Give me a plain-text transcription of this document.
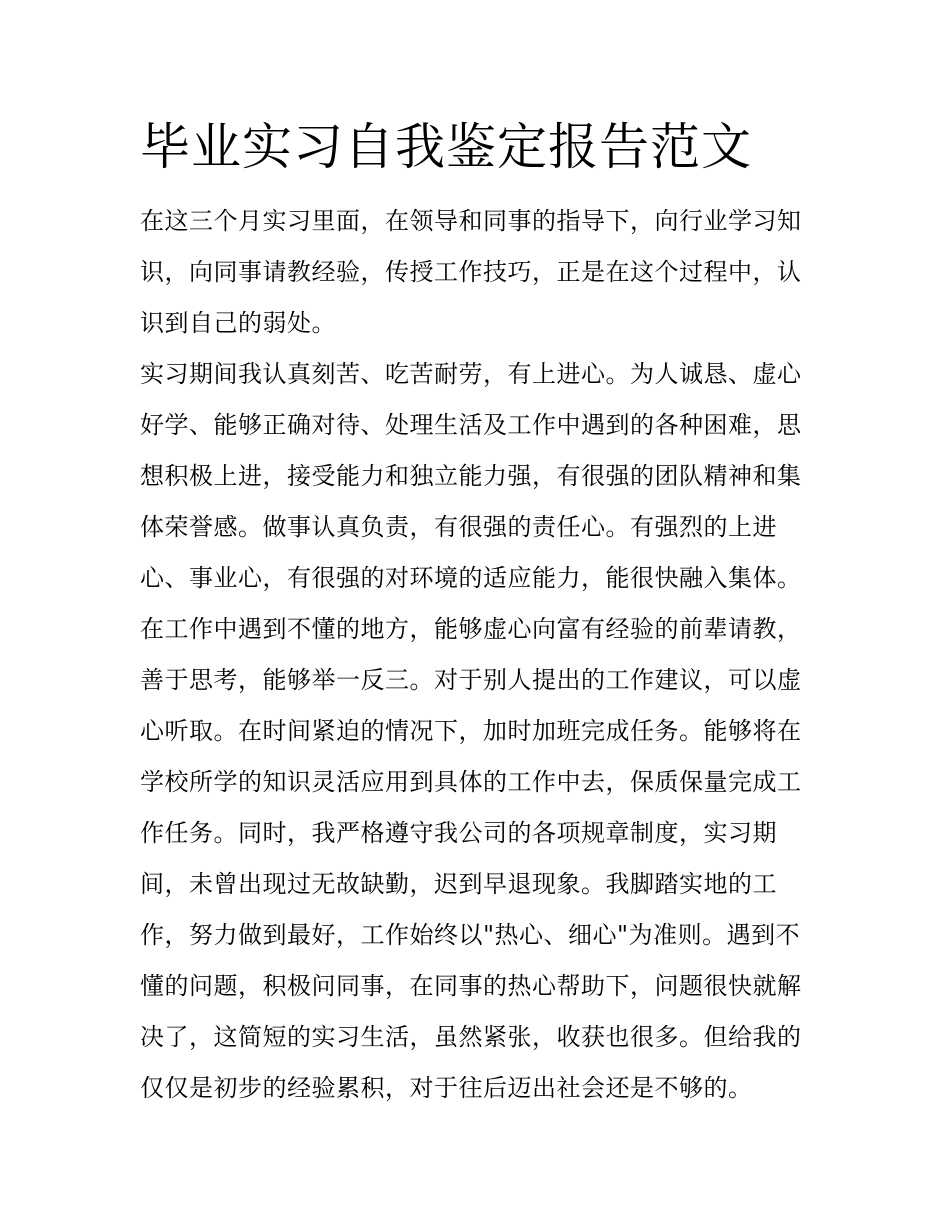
毕业实习自我鉴定报告范文

在这三个月实习里面，在领导和同事的指导下，向行业学习知

识，向同事请教经验，传授工作技巧，正是在这个过程中，认

识到自己的弱处。

实习期间我认真刻苦、吃苦耐劳，有上进心。为人诚恳、虚心

好学、能够正确对待、处理生活及工作中遇到的各种困难，思

想积极上进，接受能力和独立能力强，有很强的团队精神和集

体荣誉感。做事认真负责，有很强的责任心。有强烈的上进

心、事业心，有很强的对环境的适应能力，能很快融入集体。

在工作中遇到不懂的地方，能够虚心向富有经验的前辈请教，

善于思考，能够举一反三。对于别人提出的工作建议，可以虚

心听取。在时间紧迫的情况下，加时加班完成任务。能够将在

学校所学的知识灵活应用到具体的工作中去，保质保量完成工

作任务。同时，我严格遵守我公司的各项规章制度，实习期

间，未曾出现过无故缺勤，迟到早退现象。我脚踏实地的工

作，努力做到最好，工作始终以"热心、细心"为准则。遇到不

懂的问题，积极问同事，在同事的热心帮助下，问题很快就解

决了，这简短的实习生活，虽然紧张，收获也很多。但给我的

仅仅是初步的经验累积，对于往后迈出社会还是不够的。
